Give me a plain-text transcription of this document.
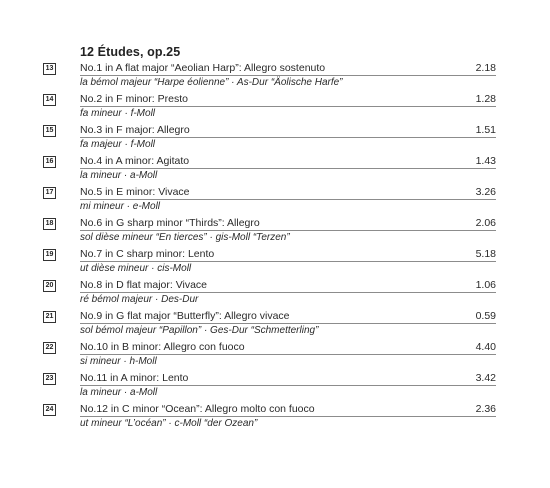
12 Études, op.25
13	No.1 in A flat major “Aeolian Harp”: Allegro sostenuto	2.18
la bémol majeur “Harpe éolienne” · As-Dur “Äolische Harfe”
14	No.2 in F minor: Presto	1.28
fa mineur · f-Moll
15	No.3 in F major: Allegro	1.51
fa majeur · f-Moll
16	No.4 in A minor: Agitato	1.43
la mineur · a-Moll
17	No.5 in E minor: Vivace	3.26
mi mineur · e-Moll
18	No.6 in G sharp minor “Thirds”: Allegro	2.06
sol dièse mineur “En tierces” · gis-Moll “Terzen”
19	No.7 in C sharp minor: Lento	5.18
ut dièse mineur · cis-Moll
20	No.8 in D flat major: Vivace	1.06
ré bémol majeur · Des-Dur
21	No.9 in G flat major “Butterfly”: Allegro vivace	0.59
sol bémol majeur “Papillon” · Ges-Dur “Schmetterling”
22	No.10 in B minor: Allegro con fuoco	4.40
si mineur · h-Moll
23	No.11 in A minor: Lento	3.42
la mineur · a-Moll
24	No.12 in C minor “Ocean”: Allegro molto con fuoco	2.36
ut mineur “L’océan” · c-Moll “der Ozean”
